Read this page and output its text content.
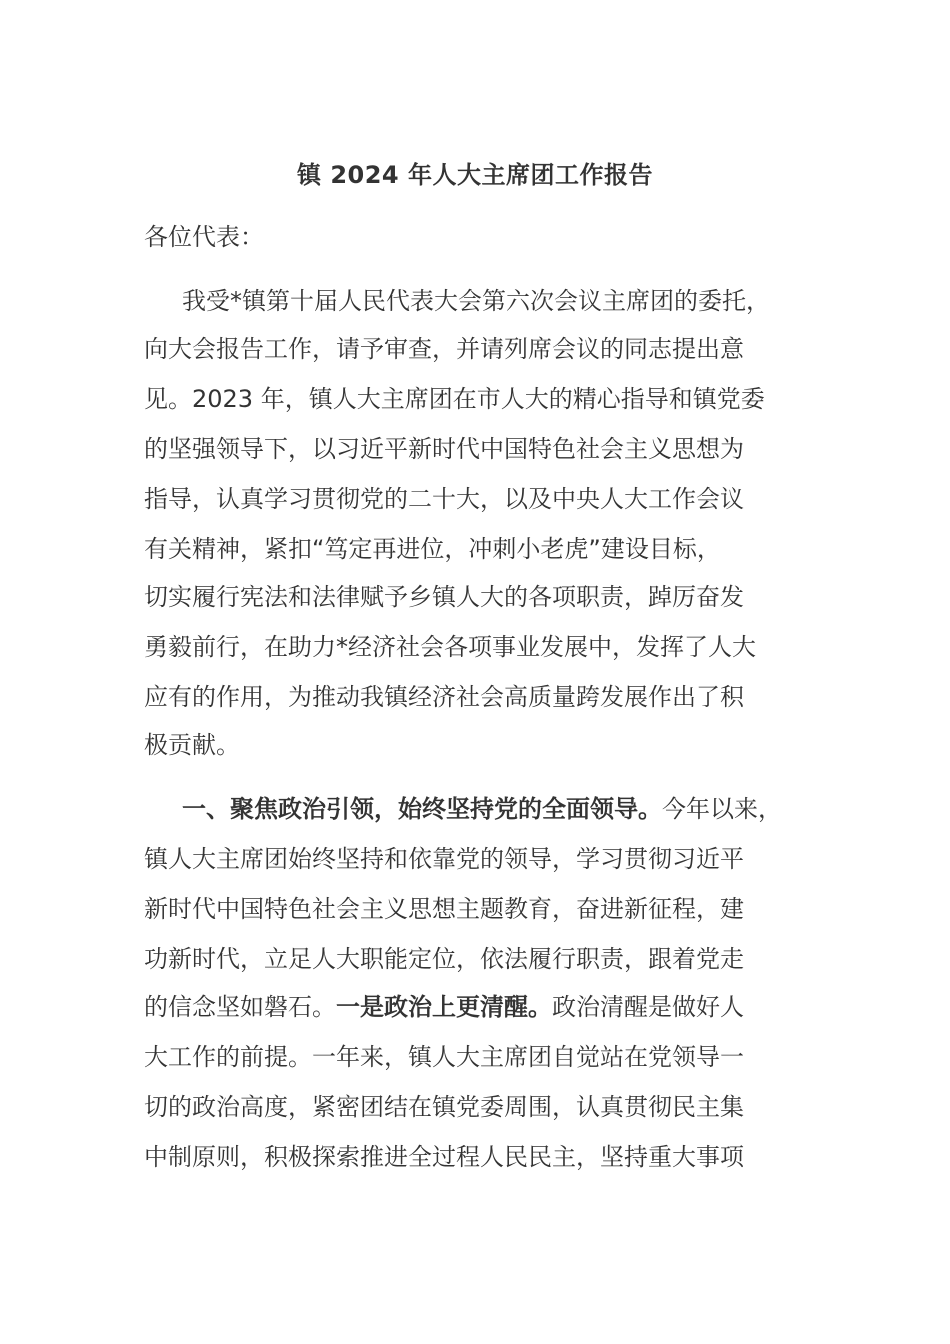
镇 2024 年人大主席团工作报告
各位代表：
我受*镇第十届人民代表大会第六次会议主席团的委托，
向大会报告工作，请予审查，并请列席会议的同志提出意
见。2023 年，镇人大主席团在市人大的精心指导和镇党委
的坚强领导下，以习近平新时代中国特色社会主义思想为
指导，认真学习贯彻党的二十大，以及中央人大工作会议
有关精神，紧扣“笃定再进位，冲刺小老虎”建设目标，
切实履行宪法和法律赋予乡镇人大的各项职责，踔厉奋发
勇毅前行，在助力*经济社会各项事业发展中，发挥了人大
应有的作用，为推动我镇经济社会高质量跨发展作出了积
极贡献。
一、聚焦政治引领，始终坚持党的全面领导。今年以来，
镇人大主席团始终坚持和依靠党的领导，学习贯彻习近平
新时代中国特色社会主义思想主题教育，奋进新征程，建
功新时代，立足人大职能定位，依法履行职责，跟着党走
的信念坚如磐石。一是政治上更清醒。政治清醒是做好人
大工作的前提。一年来，镇人大主席团自觉站在党领导一
切的政治高度，紧密团结在镇党委周围，认真贯彻民主集
中制原则，积极探索推进全过程人民民主，坚持重大事项
